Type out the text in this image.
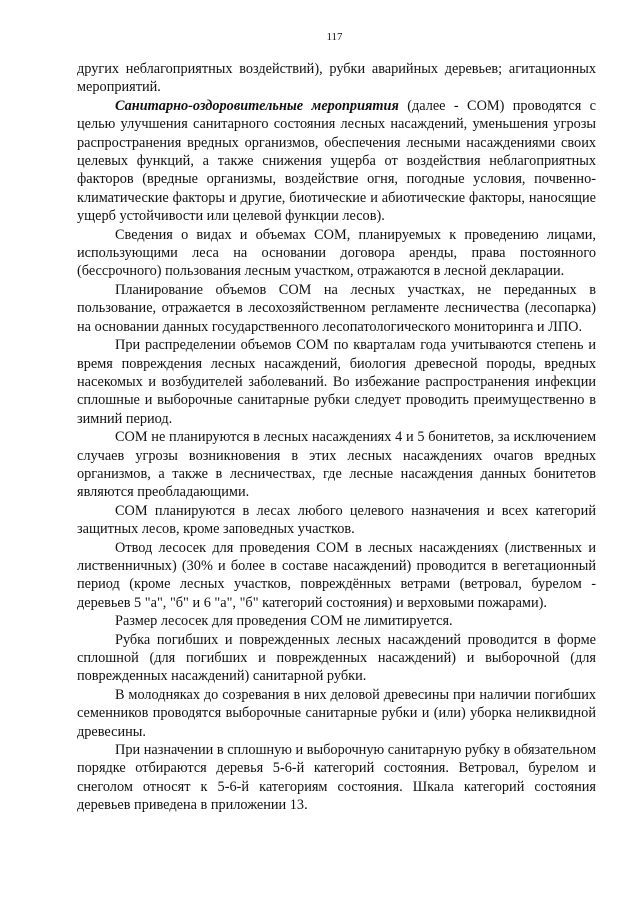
117

других неблагоприятных воздействий), рубки аварийных деревьев; агитационных мероприятий.

Санитарно-оздоровительные мероприятия (далее - СОМ) проводятся с целью улучшения санитарного состояния лесных насаждений, уменьшения угрозы распространения вредных организмов, обеспечения лесными насаждениями своих целевых функций, а также снижения ущерба от воздействия неблагоприятных факторов (вредные организмы, воздействие огня, погодные условия, почвенно-климатические факторы и другие, биотические и абиотические факторы, наносящие ущерб устойчивости или целевой функции лесов).

Сведения о видах и объемах СОМ, планируемых к проведению лицами, использующими леса на основании договора аренды, права постоянного (бессрочного) пользования лесным участком, отражаются в лесной декларации.

Планирование объемов СОМ на лесных участках, не переданных в пользование, отражается в лесохозяйственном регламенте лесничества (лесопарка) на основании данных государственного лесопатологического мониторинга и ЛПО.

При распределении объемов СОМ по кварталам года учитываются степень и время повреждения лесных насаждений, биология древесной породы, вредных насекомых и возбудителей заболеваний. Во избежание распространения инфекции сплошные и выборочные санитарные рубки следует проводить преимущественно в зимний период.

СОМ не планируются в лесных насаждениях 4 и 5 бонитетов, за исключением случаев угрозы возникновения в этих лесных насаждениях очагов вредных организмов, а также в лесничествах, где лесные насаждения данных бонитетов являются преобладающими.

СОМ планируются в лесах любого целевого назначения и всех категорий защитных лесов, кроме заповедных участков.

Отвод лесосек для проведения СОМ в лесных насаждениях (лиственных и лиственничных) (30% и более в составе насаждений) проводится в вегетационный период (кроме лесных участков, повреждённых ветрами (ветровал, бурелом - деревьев 5 "а", "б" и 6 "а", "б" категорий состояния) и верховыми пожарами).

Размер лесосек для проведения СОМ не лимитируется.

Рубка погибших и поврежденных лесных насаждений проводится в форме сплошной (для погибших и поврежденных насаждений) и выборочной (для поврежденных насаждений) санитарной рубки.

В молодняках до созревания в них деловой древесины при наличии погибших семенников проводятся выборочные санитарные рубки и (или) уборка неликвидной древесины.

При назначении в сплошную и выборочную санитарную рубку в обязательном порядке отбираются деревья 5-6-й категорий состояния. Ветровал, бурелом и снеголом относят к 5-6-й категориям состояния. Шкала категорий состояния деревьев приведена в приложении 13.
